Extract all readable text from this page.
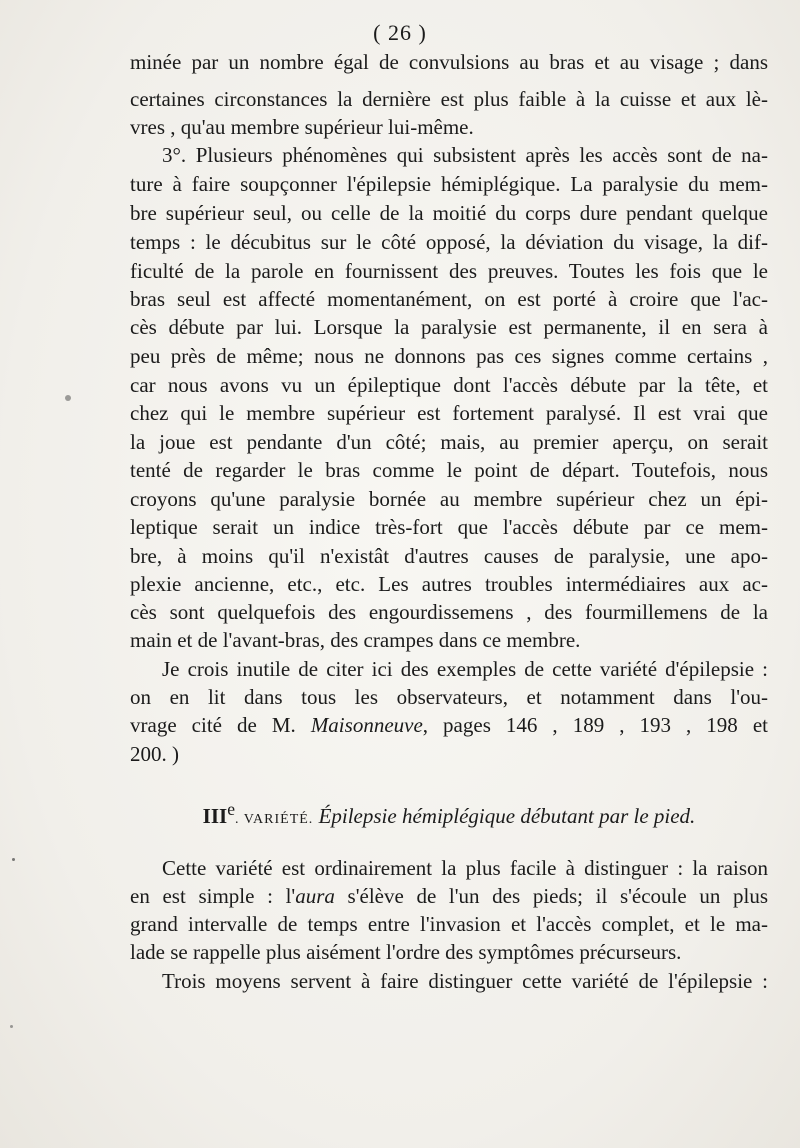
( 26 )
minée par un nombre égal de convulsions au bras et au visage ; dans
certaines circonstances la dernière est plus faible à la cuisse et aux lè-
vres , qu'au membre supérieur lui-même.
3°. Plusieurs phénomènes qui subsistent après les accès sont de na-
ture à faire soupçonner l'épilepsie hémiplégique. La paralysie du mem-
bre supérieur seul, ou celle de la moitié du corps dure pendant quelque
temps : le décubitus sur le côté opposé, la déviation du visage, la dif-
ficulté de la parole en fournissent des preuves. Toutes les fois que le
bras seul est affecté momentanément, on est porté à croire que l'ac-
cès débute par lui. Lorsque la paralysie est permanente, il en sera à
peu près de même; nous ne donnons pas ces signes comme certains ,
car nous avons vu un épileptique dont l'accès débute par la tête, et
chez qui le membre supérieur est fortement paralysé. Il est vrai que
la joue est pendante d'un côté; mais, au premier aperçu, on serait
tenté de regarder le bras comme le point de départ. Toutefois, nous
croyons qu'une paralysie bornée au membre supérieur chez un épi-
leptique serait un indice très-fort que l'accès débute par ce mem-
bre, à moins qu'il n'existât d'autres causes de paralysie, une apo-
plexie ancienne, etc., etc. Les autres troubles intermédiaires aux ac-
cès sont quelquefois des engourdissemens , des fourmillemens de la
main et de l'avant-bras, des crampes dans ce membre.
Je crois inutile de citer ici des exemples de cette variété d'épilepsie :
on en lit dans tous les observateurs, et notamment dans l'ou-
vrage cité de M. Maisonneuve, pages 146 , 189 , 193 , 198 et
200. )
IIIe. VARIÉTÉ. Épilepsie hémiplégique débutant par le pied.
Cette variété est ordinairement la plus facile à distinguer : la raison
en est simple : l'aura s'élève de l'un des pieds; il s'écoule un plus
grand intervalle de temps entre l'invasion et l'accès complet, et le ma-
lade se rappelle plus aisément l'ordre des symptômes précurseurs.
Trois moyens servent à faire distinguer cette variété de l'épilepsie :
